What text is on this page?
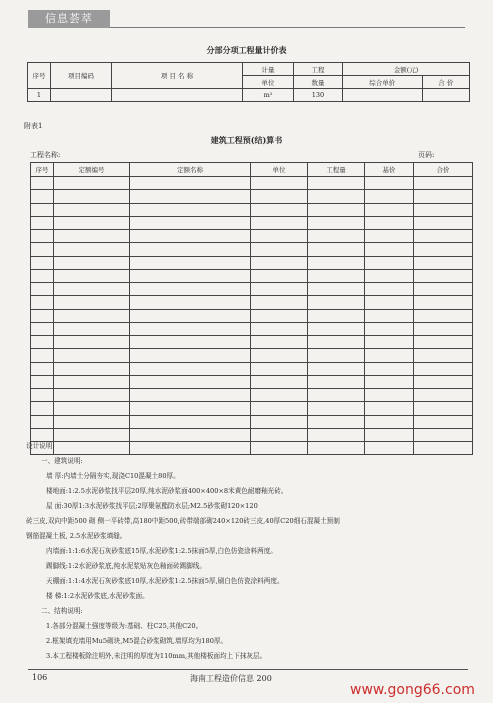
信息荟萃
分部分项工程量计价表
序号	项目编码	项 目 名 称	计量	工程	金额(元)	
			单位	数量	综合单价	合 价
1			m²	130		
附表1
建筑工程预(结)算书
工程名称:	页码:
序号	定额编号	定额名称	单位	工程量	基价	合价

设计说明:

一、建筑说明:

墙 厚:内墙土分隔夯实,现浇C10混凝土80厚。

楼地面:1:2.5水泥砂浆找平层20厚,纯水泥砂浆面400×400×8米黄色耐磨釉光砖。

屋 面:30厚1:3水泥砂浆找平层;2厚聚氨酯防水层;M2.5砂浆砌120×120

砖三皮,双向中距500 砌 侧一平砖带,高180中距500,砖带端部砌240×120砖三皮,40厚C20细石混凝土预制

钢筋混凝土板, 2.5水泥砂浆填缝。

内墙面:1:1:6水泥石灰砂浆底15厚,水泥砂浆1:2.5抹面5厚,白色仿瓷涂料两度。

踢脚线:1:2水泥砂浆底,纯水泥浆贴灰色釉面砖踢脚线。

天棚面:1:1:4水泥石灰砂浆底10厚,水泥砂浆1:2.5抹面5厚,刷白色仿瓷涂料两度。

楼 梯:1:2水泥砂浆底,水泥砂浆面。

二、结构说明:

1.各部分混凝土强度等级为:基础、柱C25,其他C20。

2.框架填充墙用Mu5砌块,M5混合砂浆砌筑,墙厚均为180厚。

3.本工程楼板除注明外,未注明的厚度为110mm,其他楼板面均上下抹灰层。

106	海南工程造价信息 200
www.gong66.com
